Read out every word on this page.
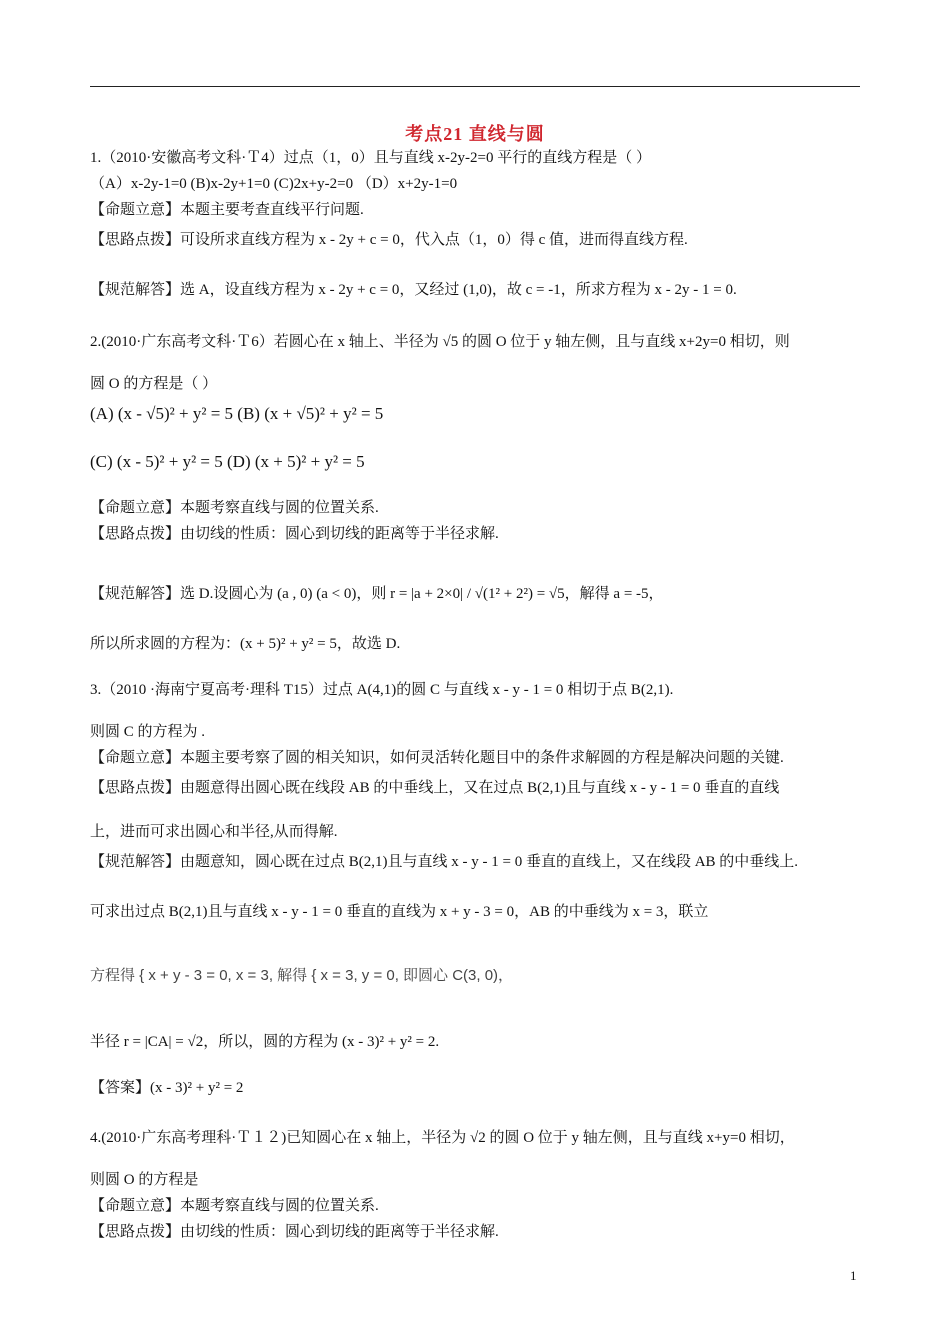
考点21 直线与圆
1.（2010·安徽高考文科·Ｔ4）过点（1，0）且与直线 x-2y-2=0 平行的直线方程是（ ）
（A）x-2y-1=0 (B)x-2y+1=0 (C)2x+y-2=0 （D）x+2y-1=0
【命题立意】本题主要考查直线平行问题.
【思路点拨】可设所求直线方程为 x - 2y + c = 0，代入点（1，0）得 c 值，进而得直线方程.
【规范解答】选 A，设直线方程为 x - 2y + c = 0，又经过 (1,0)，故 c = -1，所求方程为 x - 2y - 1 = 0.
2.(2010·广东高考文科·Ｔ6）若圆心在 x 轴上、半径为 √5 的圆 O 位于 y 轴左侧，且与直线 x+2y=0 相切，则
圆 O 的方程是（ ）
(A) (x - √5)² + y² = 5 (B) (x + √5)² + y² = 5
(C) (x - 5)² + y² = 5 (D) (x + 5)² + y² = 5
【命题立意】本题考察直线与圆的位置关系.
【思路点拨】由切线的性质：圆心到切线的距离等于半径求解.
【规范解答】选 D.设圆心为 (a , 0) (a < 0)，则 r = |a + 2×0| / √(1² + 2²) = √5，解得 a = -5，
所以所求圆的方程为：(x + 5)² + y² = 5，故选 D.
3.（2010 ·海南宁夏高考·理科 T15）过点 A(4,1)的圆 C 与直线 x - y - 1 = 0 相切于点 B(2,1).
则圆 C 的方程为 .
【命题立意】本题主要考察了圆的相关知识，如何灵活转化题目中的条件求解圆的方程是解决问题的关键.
【思路点拨】由题意得出圆心既在线段 AB 的中垂线上，又在过点 B(2,1)且与直线 x - y - 1 = 0 垂直的直线
上，进而可求出圆心和半径,从而得解.
【规范解答】由题意知，圆心既在过点 B(2,1)且与直线 x - y - 1 = 0 垂直的直线上，又在线段 AB 的中垂线上.
可求出过点 B(2,1)且与直线 x - y - 1 = 0 垂直的直线为 x + y - 3 = 0，AB 的中垂线为 x = 3，联立
方程得 { x + y - 3 = 0, x = 3, 解得 { x = 3, y = 0, 即圆心 C(3, 0)，
半径 r = |CA| = √2，所以，圆的方程为 (x - 3)² + y² = 2.
【答案】(x - 3)² + y² = 2
4.(2010·广东高考理科·Ｔ１２)已知圆心在 x 轴上，半径为 √2 的圆 O 位于 y 轴左侧，且与直线 x+y=0 相切，
则圆 O 的方程是
【命题立意】本题考察直线与圆的位置关系.
【思路点拨】由切线的性质：圆心到切线的距离等于半径求解.
1
